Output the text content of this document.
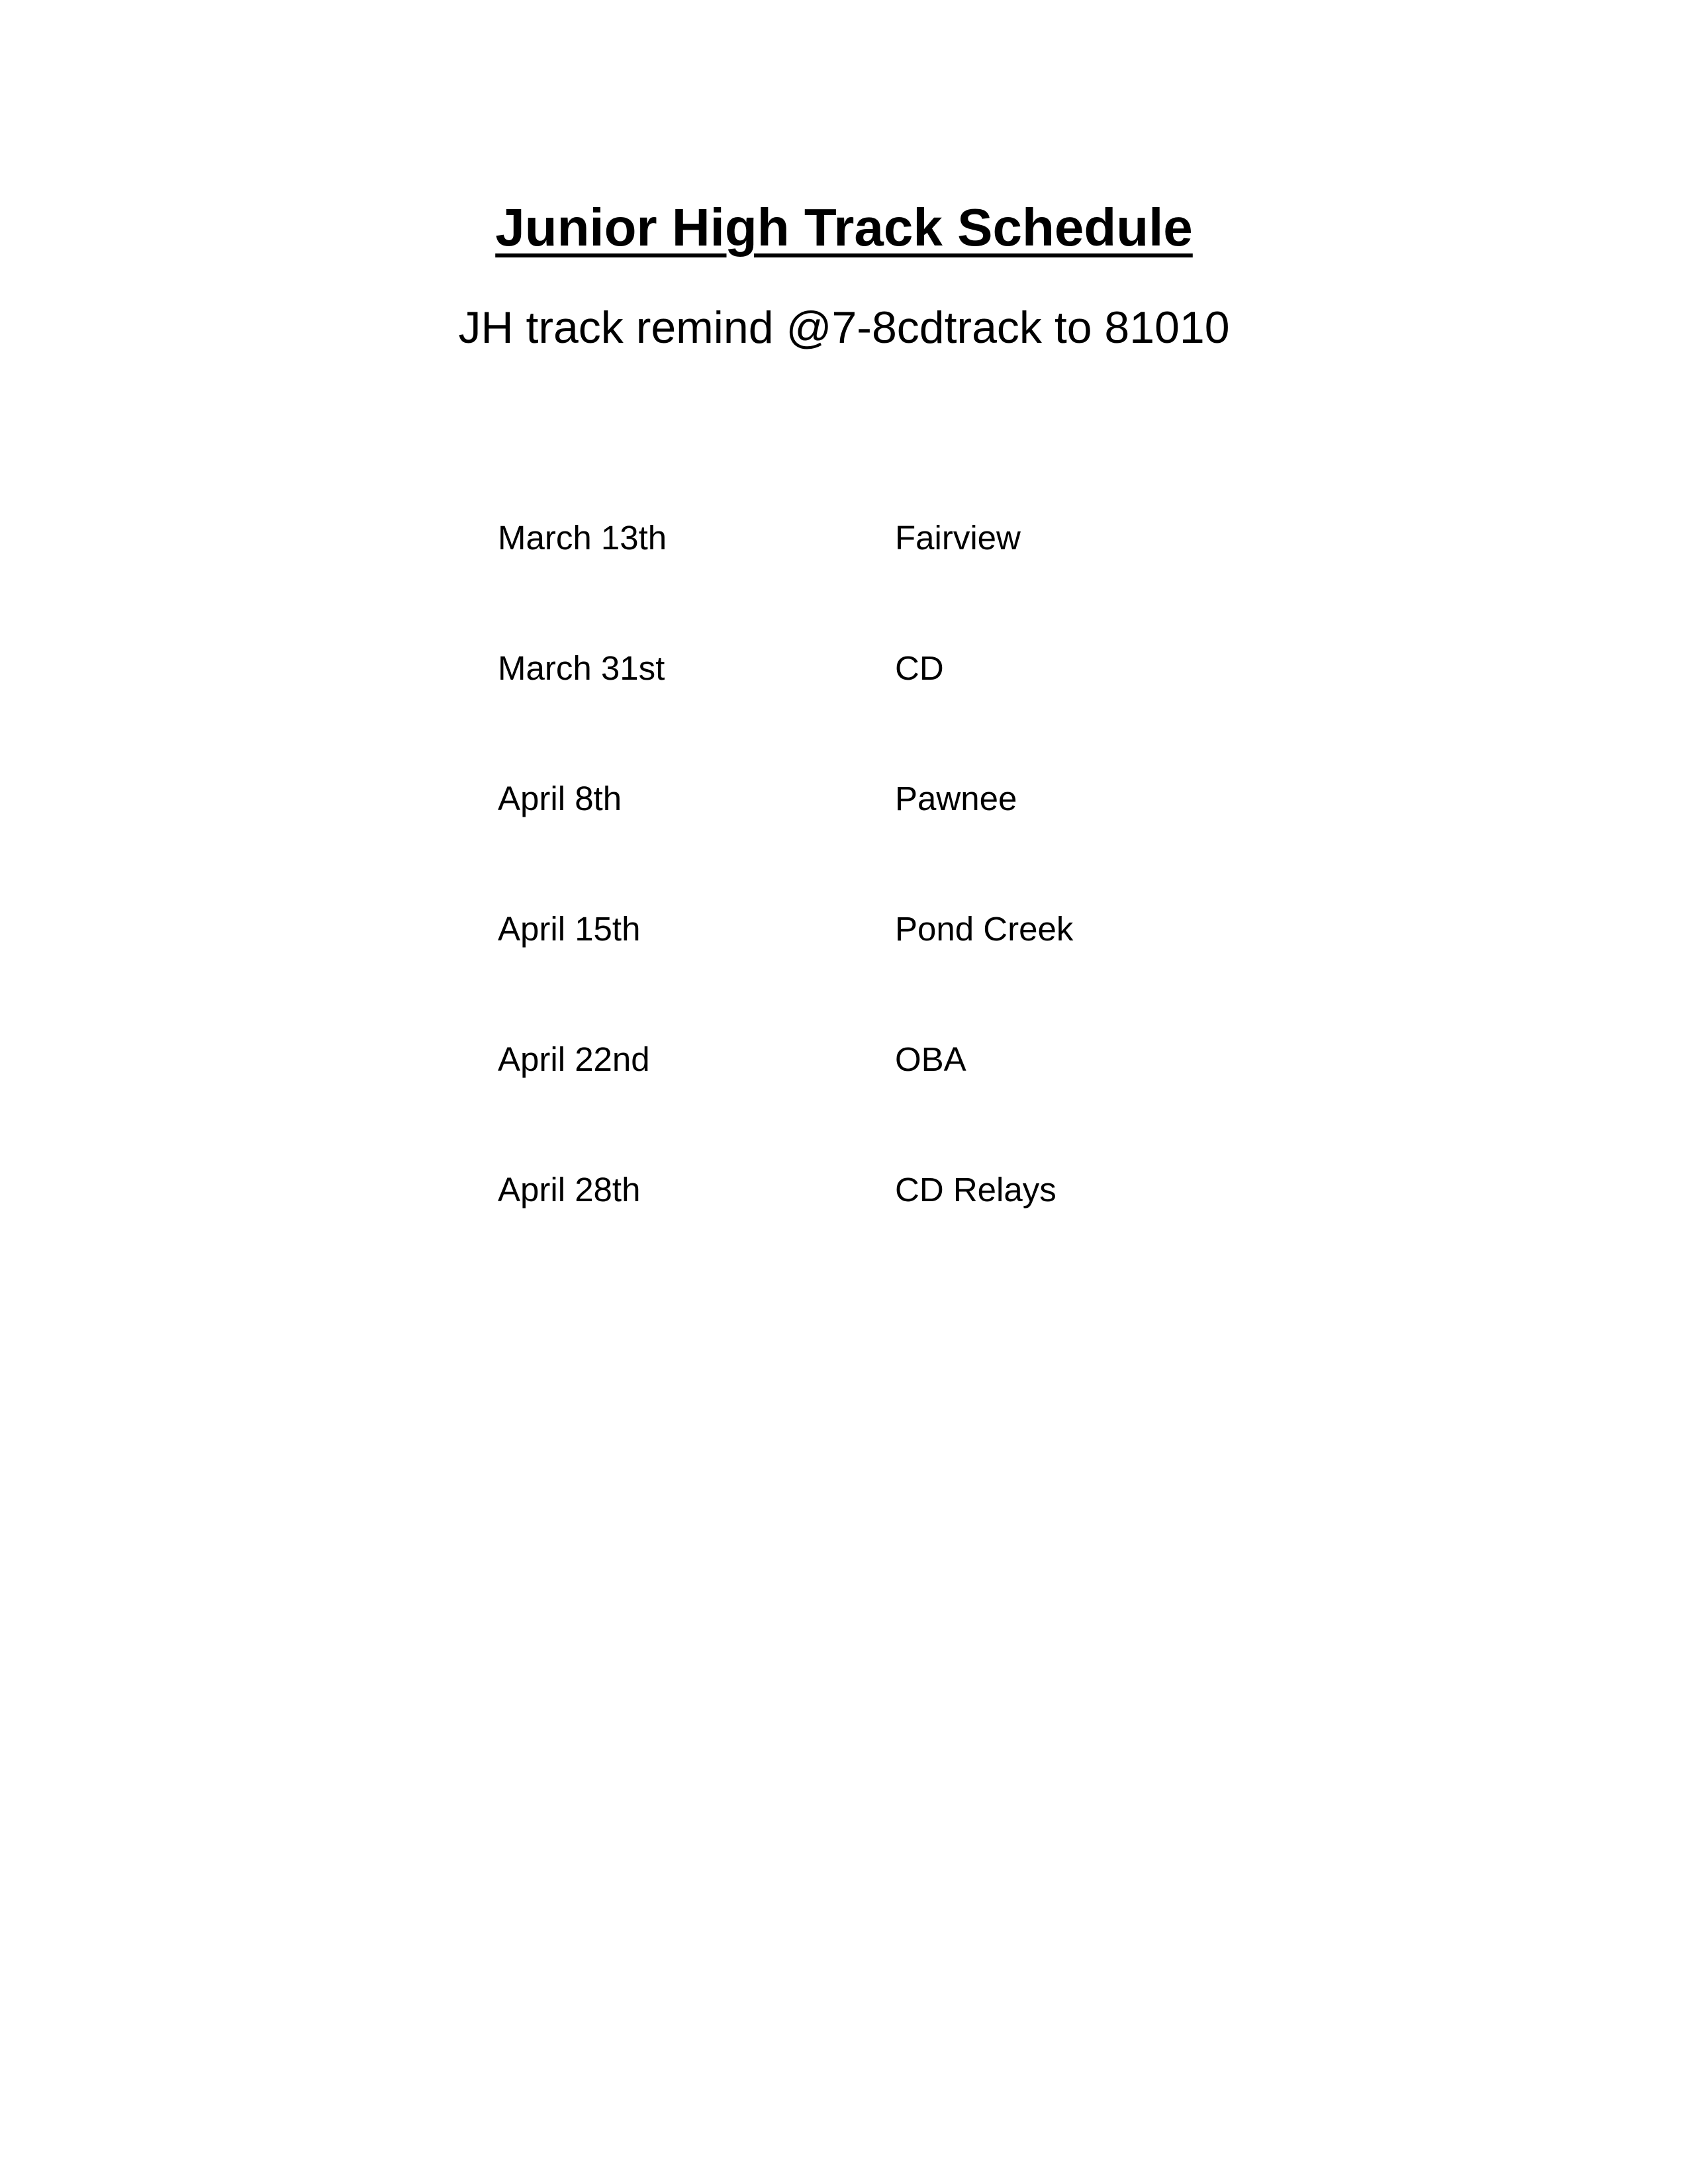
Junior High Track Schedule
JH track remind @7-8cdtrack to 81010
March 13th	Fairview
March 31st	CD
April 8th	Pawnee
April 15th	Pond Creek
April 22nd	OBA
April 28th	CD Relays
